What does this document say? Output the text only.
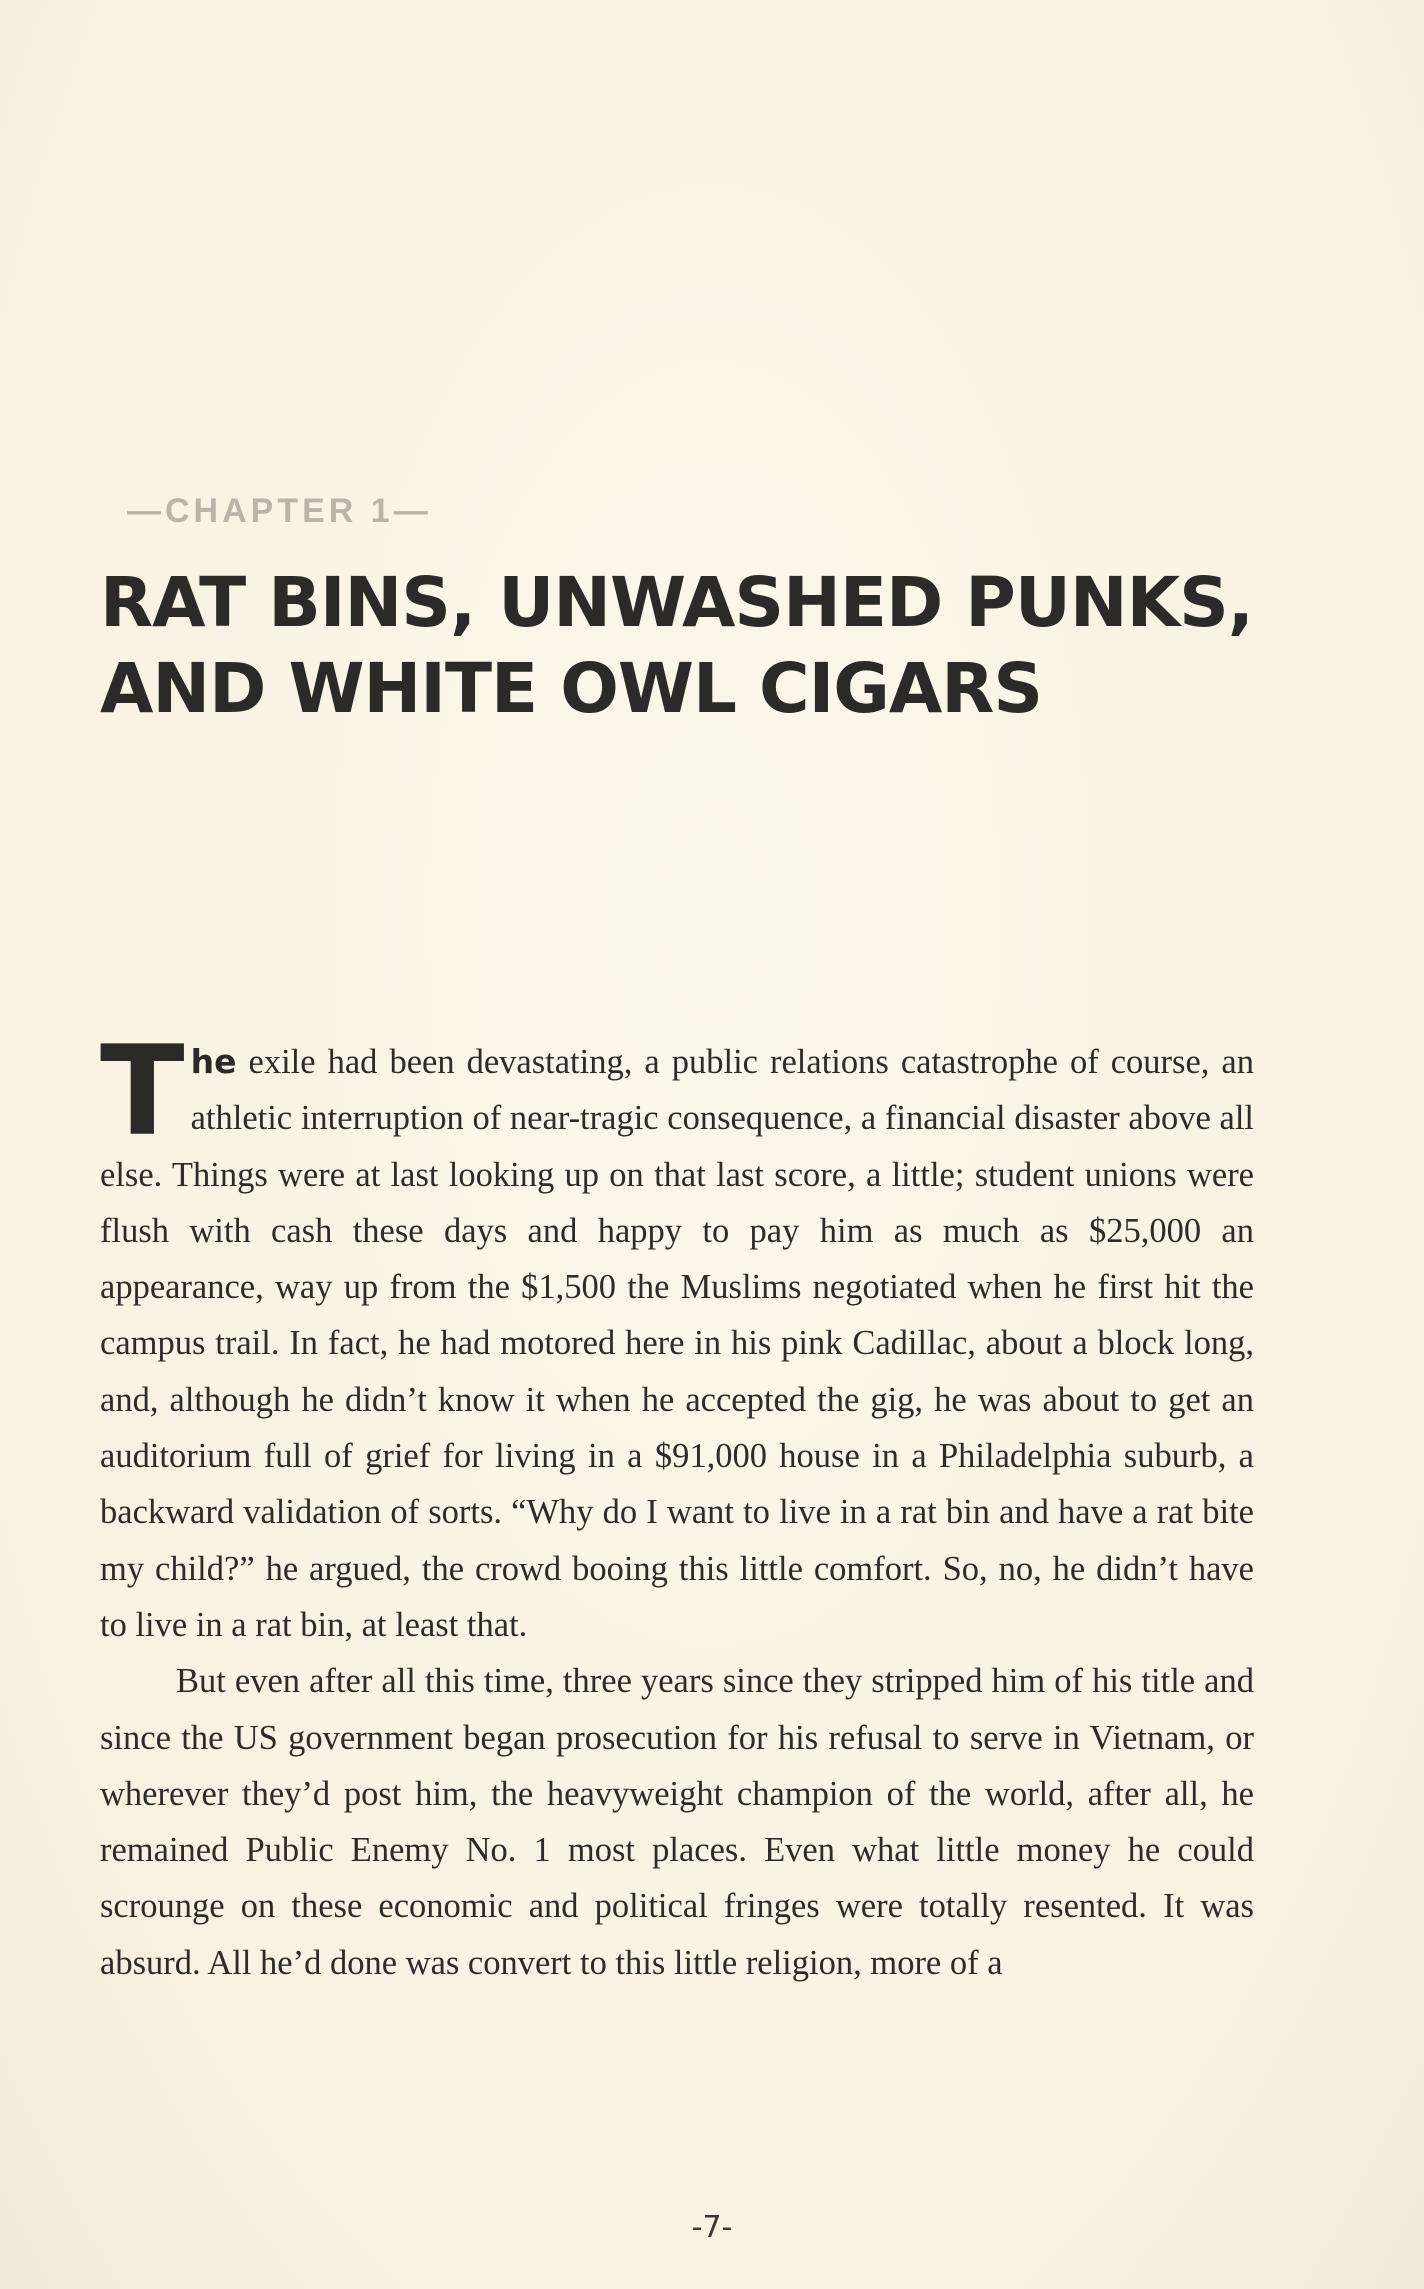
—CHAPTER 1—
RAT BINS, UNWASHED PUNKS,
AND WHITE OWL CIGARS

The exile had been devastating, a public relations catastrophe of course, an athletic interruption of near-tragic consequence, a financial disaster above all else. Things were at last looking up on that last score, a little; student unions were flush with cash these days and happy to pay him as much as $25,000 an appearance, way up from the $1,500 the Muslims negotiated when he first hit the campus trail. In fact, he had motored here in his pink Cadillac, about a block long, and, although he didn’t know it when he accepted the gig, he was about to get an auditorium full of grief for living in a $91,000 house in a Philadelphia suburb, a backward validation of sorts. “Why do I want to live in a rat bin and have a rat bite my child?” he argued, the crowd booing this little comfort. So, no, he didn’t have to live in a rat bin, at least that.

But even after all this time, three years since they stripped him of his title and since the US government began prosecution for his refusal to serve in Vietnam, or wherever they’d post him, the heavyweight champion of the world, after all, he remained Public Enemy No. 1 most places. Even what little money he could scrounge on these economic and political fringes were totally resented. It was absurd. All he’d done was convert to this little religion, more of a

-7-
